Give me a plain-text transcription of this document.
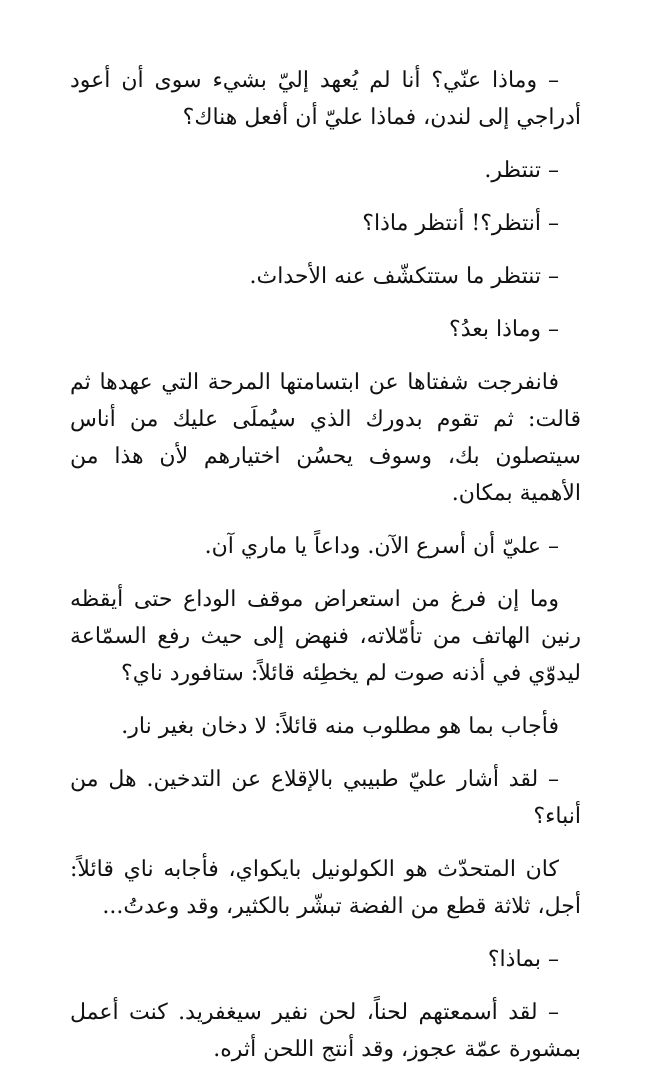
– وماذا عنّي؟ أنا لم يُعهد إليّ بشيء سوى أن أعود أدراجي إلى لندن، فماذا عليّ أن أفعل هناك؟

– تنتظر.

– أنتظر؟! أنتظر ماذا؟

– تنتظر ما ستتكشّف عنه الأحداث.

– وماذا بعدُ؟

فانفرجت شفتاها عن ابتسامتها المرحة التي عهدها ثم قالت: ثم تقوم بدورك الذي سيُملَى عليك من أناس سيتصلون بك، وسوف يحسُن اختيارهم لأن هذا من الأهمية بمكان.

– عليّ أن أسرع الآن. وداعاً يا ماري آن.

وما إن فرغ من استعراض موقف الوداع حتى أيقظه رنين الهاتف من تأمّلاته، فنهض إلى حيث رفع السمّاعة ليدوّي في أذنه صوت لم يخطِئه قائلاً: ستافورد ناي؟

فأجاب بما هو مطلوب منه قائلاً: لا دخان بغير نار.

– لقد أشار عليّ طبيبي بالإقلاع عن التدخين. هل من أنباء؟

كان المتحدّث هو الكولونيل بايكواي، فأجابه ناي قائلاً: أجل، ثلاثة قطع من الفضة تبشّر بالكثير، وقد وعدتُ...

– بماذا؟

– لقد أسمعتهم لحناً، لحن نفير سيغفريد. كنت أعمل بمشورة عمّة عجوز، وقد أنتج اللحن أثره.
